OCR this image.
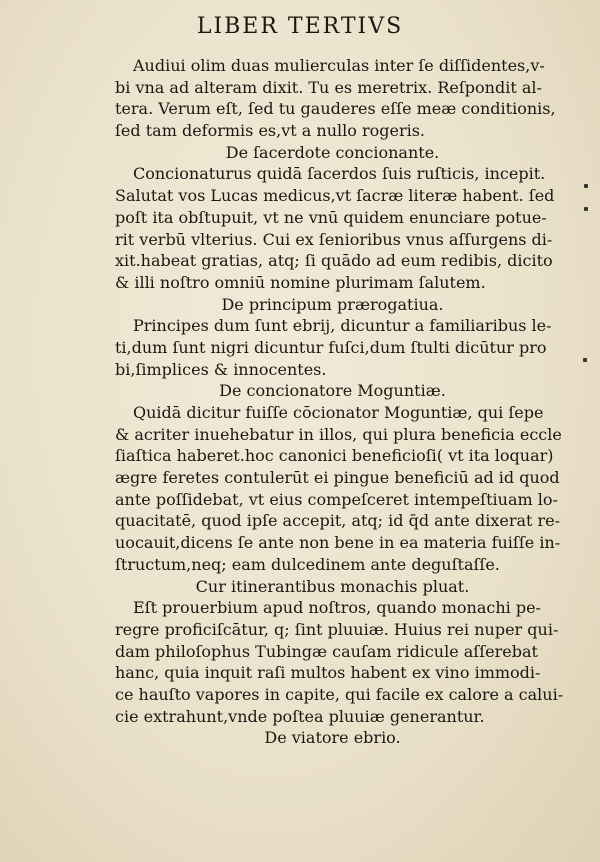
LIBER TERTIVS
Audiui olim duas mulierculas inter ſe diſſidentes,v-
bi vna ad alteram dixit. Tu es meretrix. Reſpondit al-
tera. Verum eſt, ſed tu gauderes eſſe meæ conditionis,
ſed tam deformis es,vt a nullo rogeris.
De ſacerdote concionante.
Concionaturus quidā ſacerdos ſuis ruſticis, incepit.
Salutat vos Lucas medicus,vt ſacræ literæ habent. ſed
poſt ita obſtupuit, vt ne vnū quidem enunciare potue-
rit verbū vlterius. Cui ex ſenioribus vnus aſſurgens di-
xit.habeat gratias, atq; ſi quādo ad eum redibis, dicito
& illi noſtro omniū nomine plurimam ſalutem.
De principum prærogatiua.
Principes dum ſunt ebrij, dicuntur a familiaribus le-
ti,dum ſunt nigri dicuntur fuſci,dum ſtulti dicūtur pro
bi,ſimplices & innocentes.
De concionatore Moguntiæ.
Quidā dicitur fuiſſe cōcionator Moguntiæ, qui ſepe
& acriter inuehebatur in illos, qui plura beneficia eccle
ſiaſtica haberet.hoc canonici beneficioſi( vt ita loquar)
ægre feretes contulerūt ei pingue beneficiū ad id quod
ante poſſidebat, vt eius compeſceret intempeſtiuam lo-
quacitatē, quod ipſe accepit, atq; id q̄d ante dixerat re-
uocauit,dicens ſe ante non bene in ea materia fuiſſe in-
ſtructum,neq; eam dulcedinem ante deguſtaſſe.
Cur itinerantibus monachis pluat.
Eſt prouerbium apud noſtros, quando monachi pe-
regre proficiſcātur, q; ſint pluuiæ. Huius rei nuper qui-
dam philoſophus Tubingæ cauſam ridicule aſſerebat
hanc, quia inquit raſi multos habent ex vino immodi-
ce hauſto vapores in capite, qui facile ex calore a calui-
cie extrahunt,vnde poſtea pluuiæ generantur.
De viatore ebrio.
